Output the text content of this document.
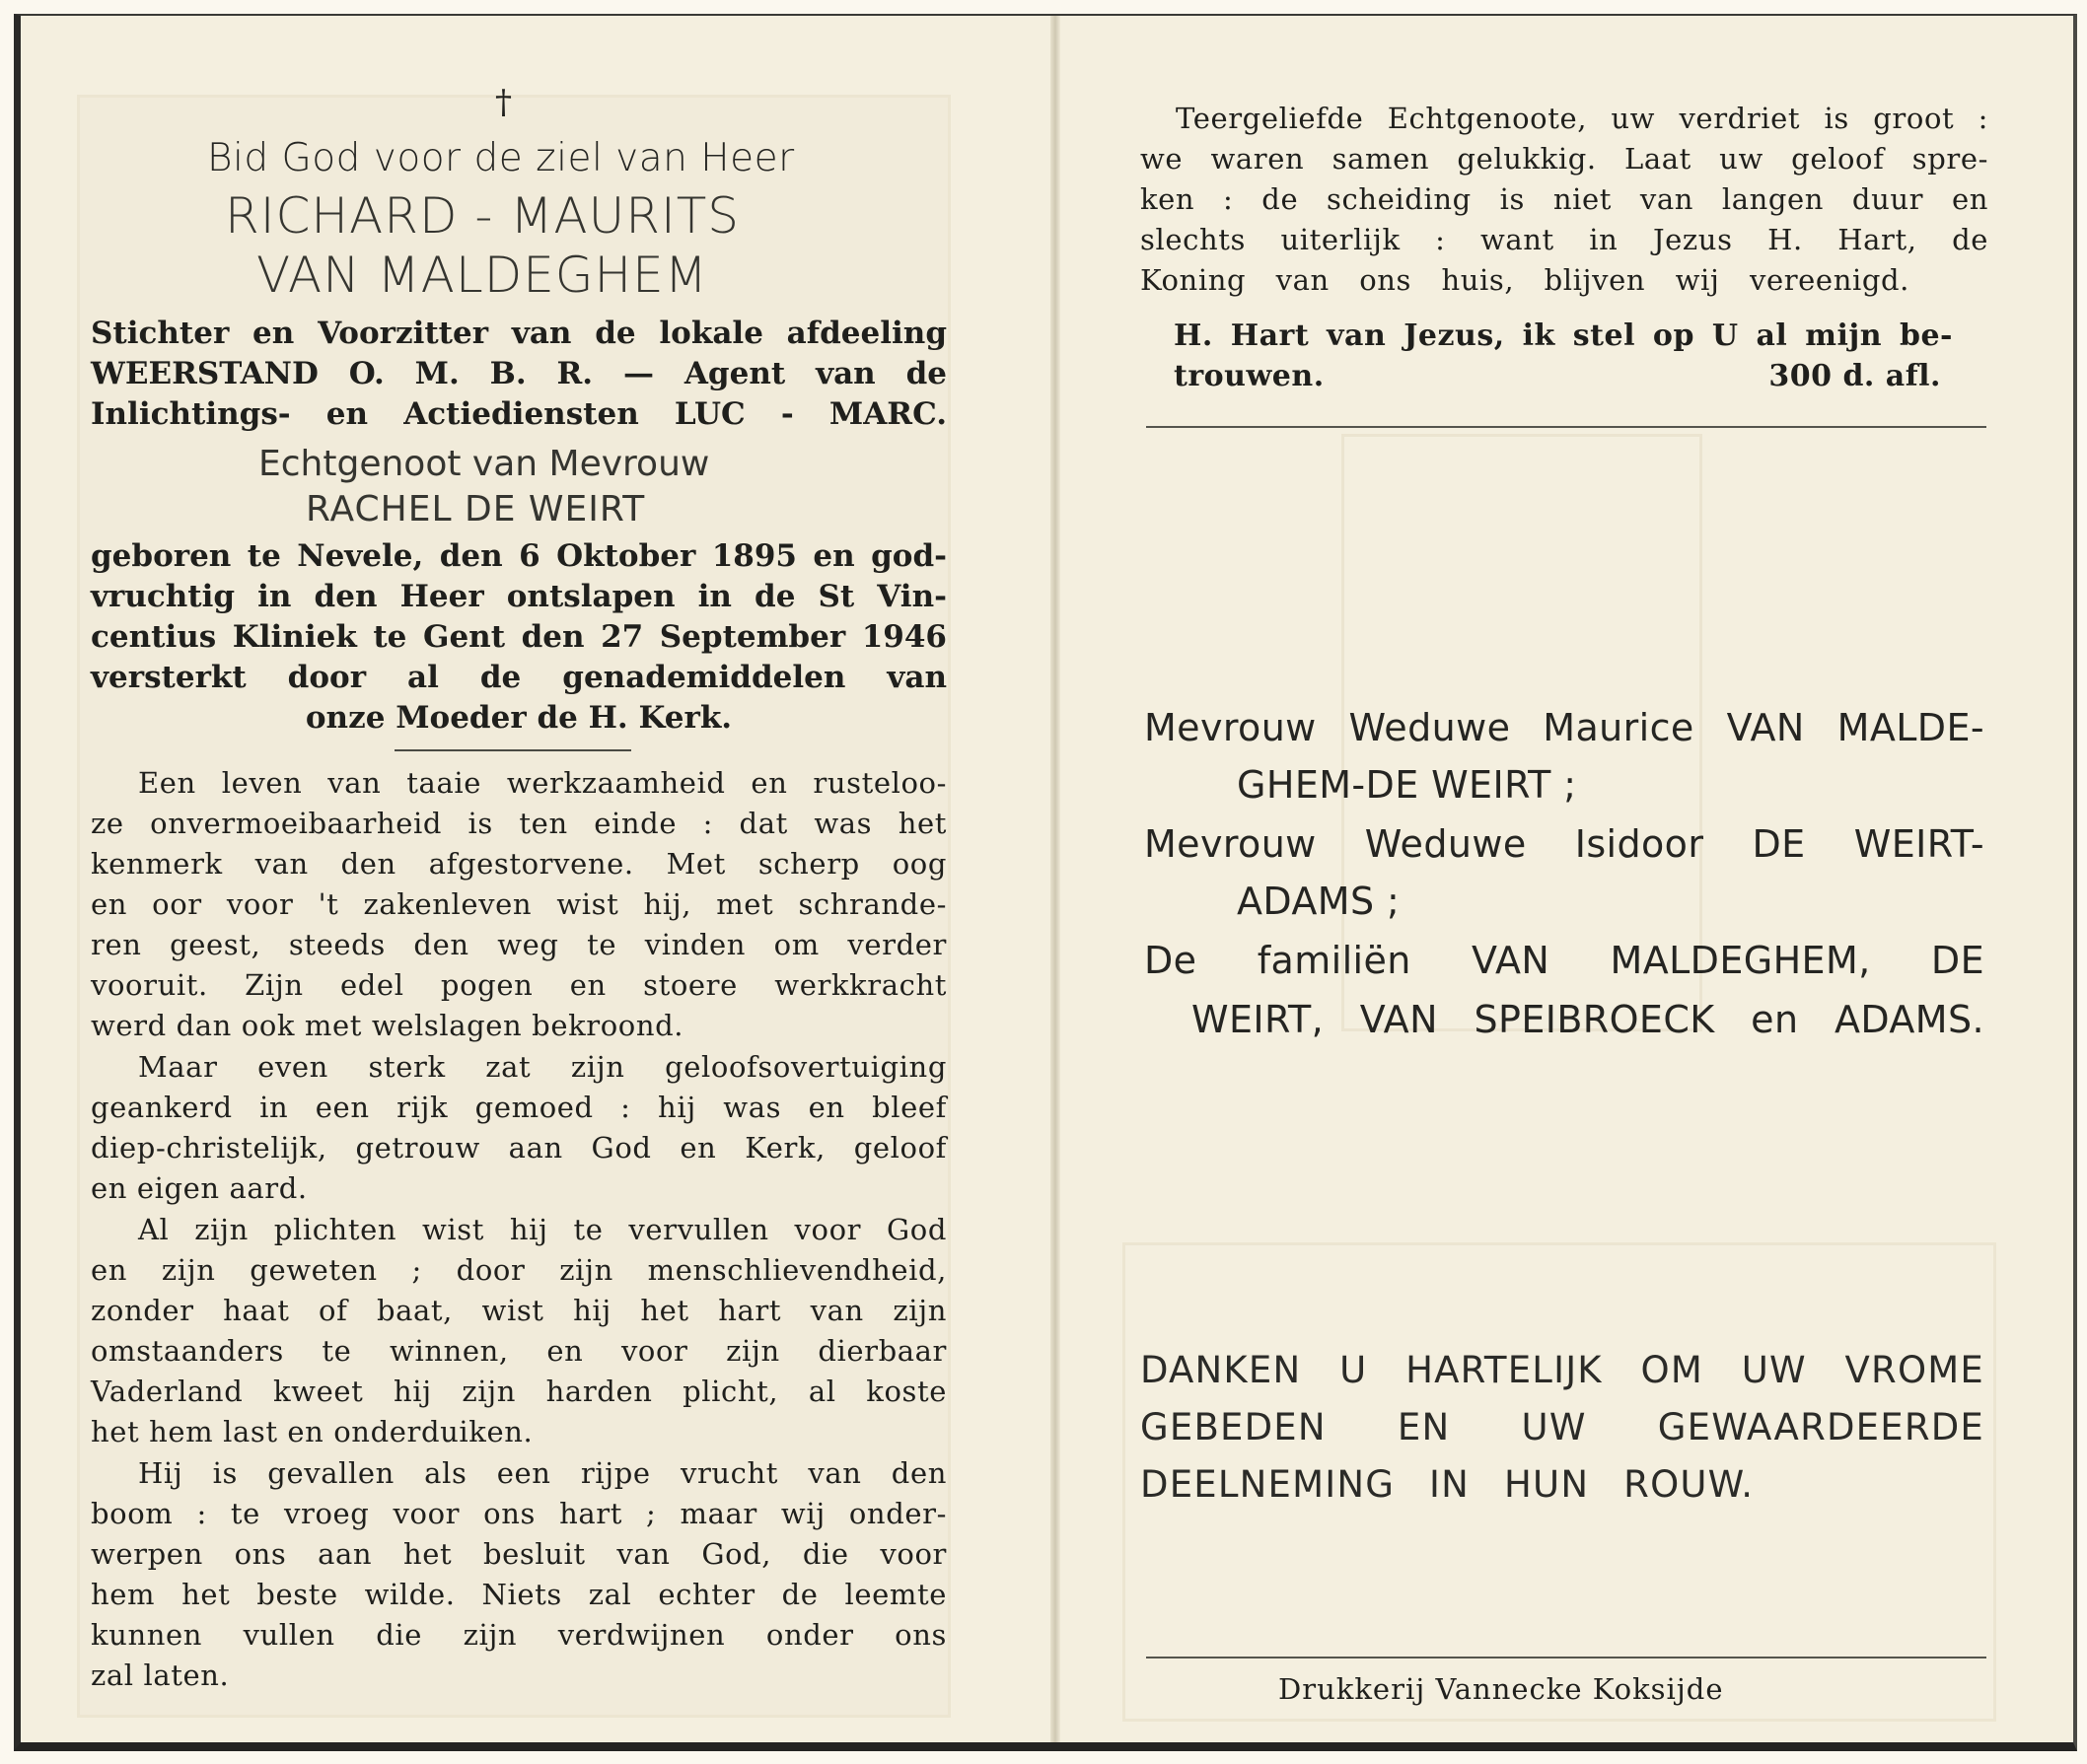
†
Bid God voor de ziel van Heer
RICHARD - MAURITS
VAN MALDEGHEM
Stichter en Voorzitter van de lokale afdeeling
WEERSTAND O. M. B. R. — Agent van de
Inlichtings- en Actiediensten LUC - MARC.
Echtgenoot van Mevrouw
RACHEL DE WEIRT
geboren te Nevele, den 6 Oktober 1895 en god-
vruchtig in den Heer ontslapen in de St Vin-
centius Kliniek te Gent den 27 September 1946
versterkt door al de genademiddelen van
onze Moeder de H. Kerk.
Een leven van taaie werkzaamheid en rusteloo-
ze onvermoeibaarheid is ten einde : dat was het
kenmerk van den afgestorvene. Met scherp oog
en oor voor 't zakenleven wist hij, met schrande-
ren geest, steeds den weg te vinden om verder
vooruit. Zijn edel pogen en stoere werkkracht
werd dan ook met welslagen bekroond.
Maar even sterk zat zijn geloofsovertuiging
geankerd in een rijk gemoed : hij was en bleef
diep-christelijk, getrouw aan God en Kerk, geloof
en eigen aard.
Al zijn plichten wist hij te vervullen voor God
en zijn geweten ; door zijn menschlievendheid,
zonder haat of baat, wist hij het hart van zijn
omstaanders te winnen, en voor zijn dierbaar
Vaderland kweet hij zijn harden plicht, al koste
het hem last en onderduiken.
Hij is gevallen als een rijpe vrucht van den
boom : te vroeg voor ons hart ; maar wij onder-
werpen ons aan het besluit van God, die voor
hem het beste wilde. Niets zal echter de leemte
kunnen vullen die zijn verdwijnen onder ons
zal laten.
Teergeliefde Echtgenoote, uw verdriet is groot :
we waren samen gelukkig. Laat uw geloof spre-
ken : de scheiding is niet van langen duur en
slechts uiterlijk : want in Jezus H. Hart, de
Koning van ons huis, blijven wij vereenigd.
H. Hart van Jezus, ik stel op U al mijn be-
trouwen.	300 d. afl.
Mevrouw Weduwe Maurice VAN MALDE-
GHEM-DE WEIRT ;
Mevrouw Weduwe Isidoor DE WEIRT-
ADAMS ;
De familiën VAN MALDEGHEM, DE
WEIRT, VAN SPEIBROECK en ADAMS.
DANKEN U HARTELIJK OM UW VROME
GEBEDEN EN UW GEWAARDEERDE
DEELNEMING IN HUN ROUW.
Drukkerij Vannecke Koksijde
